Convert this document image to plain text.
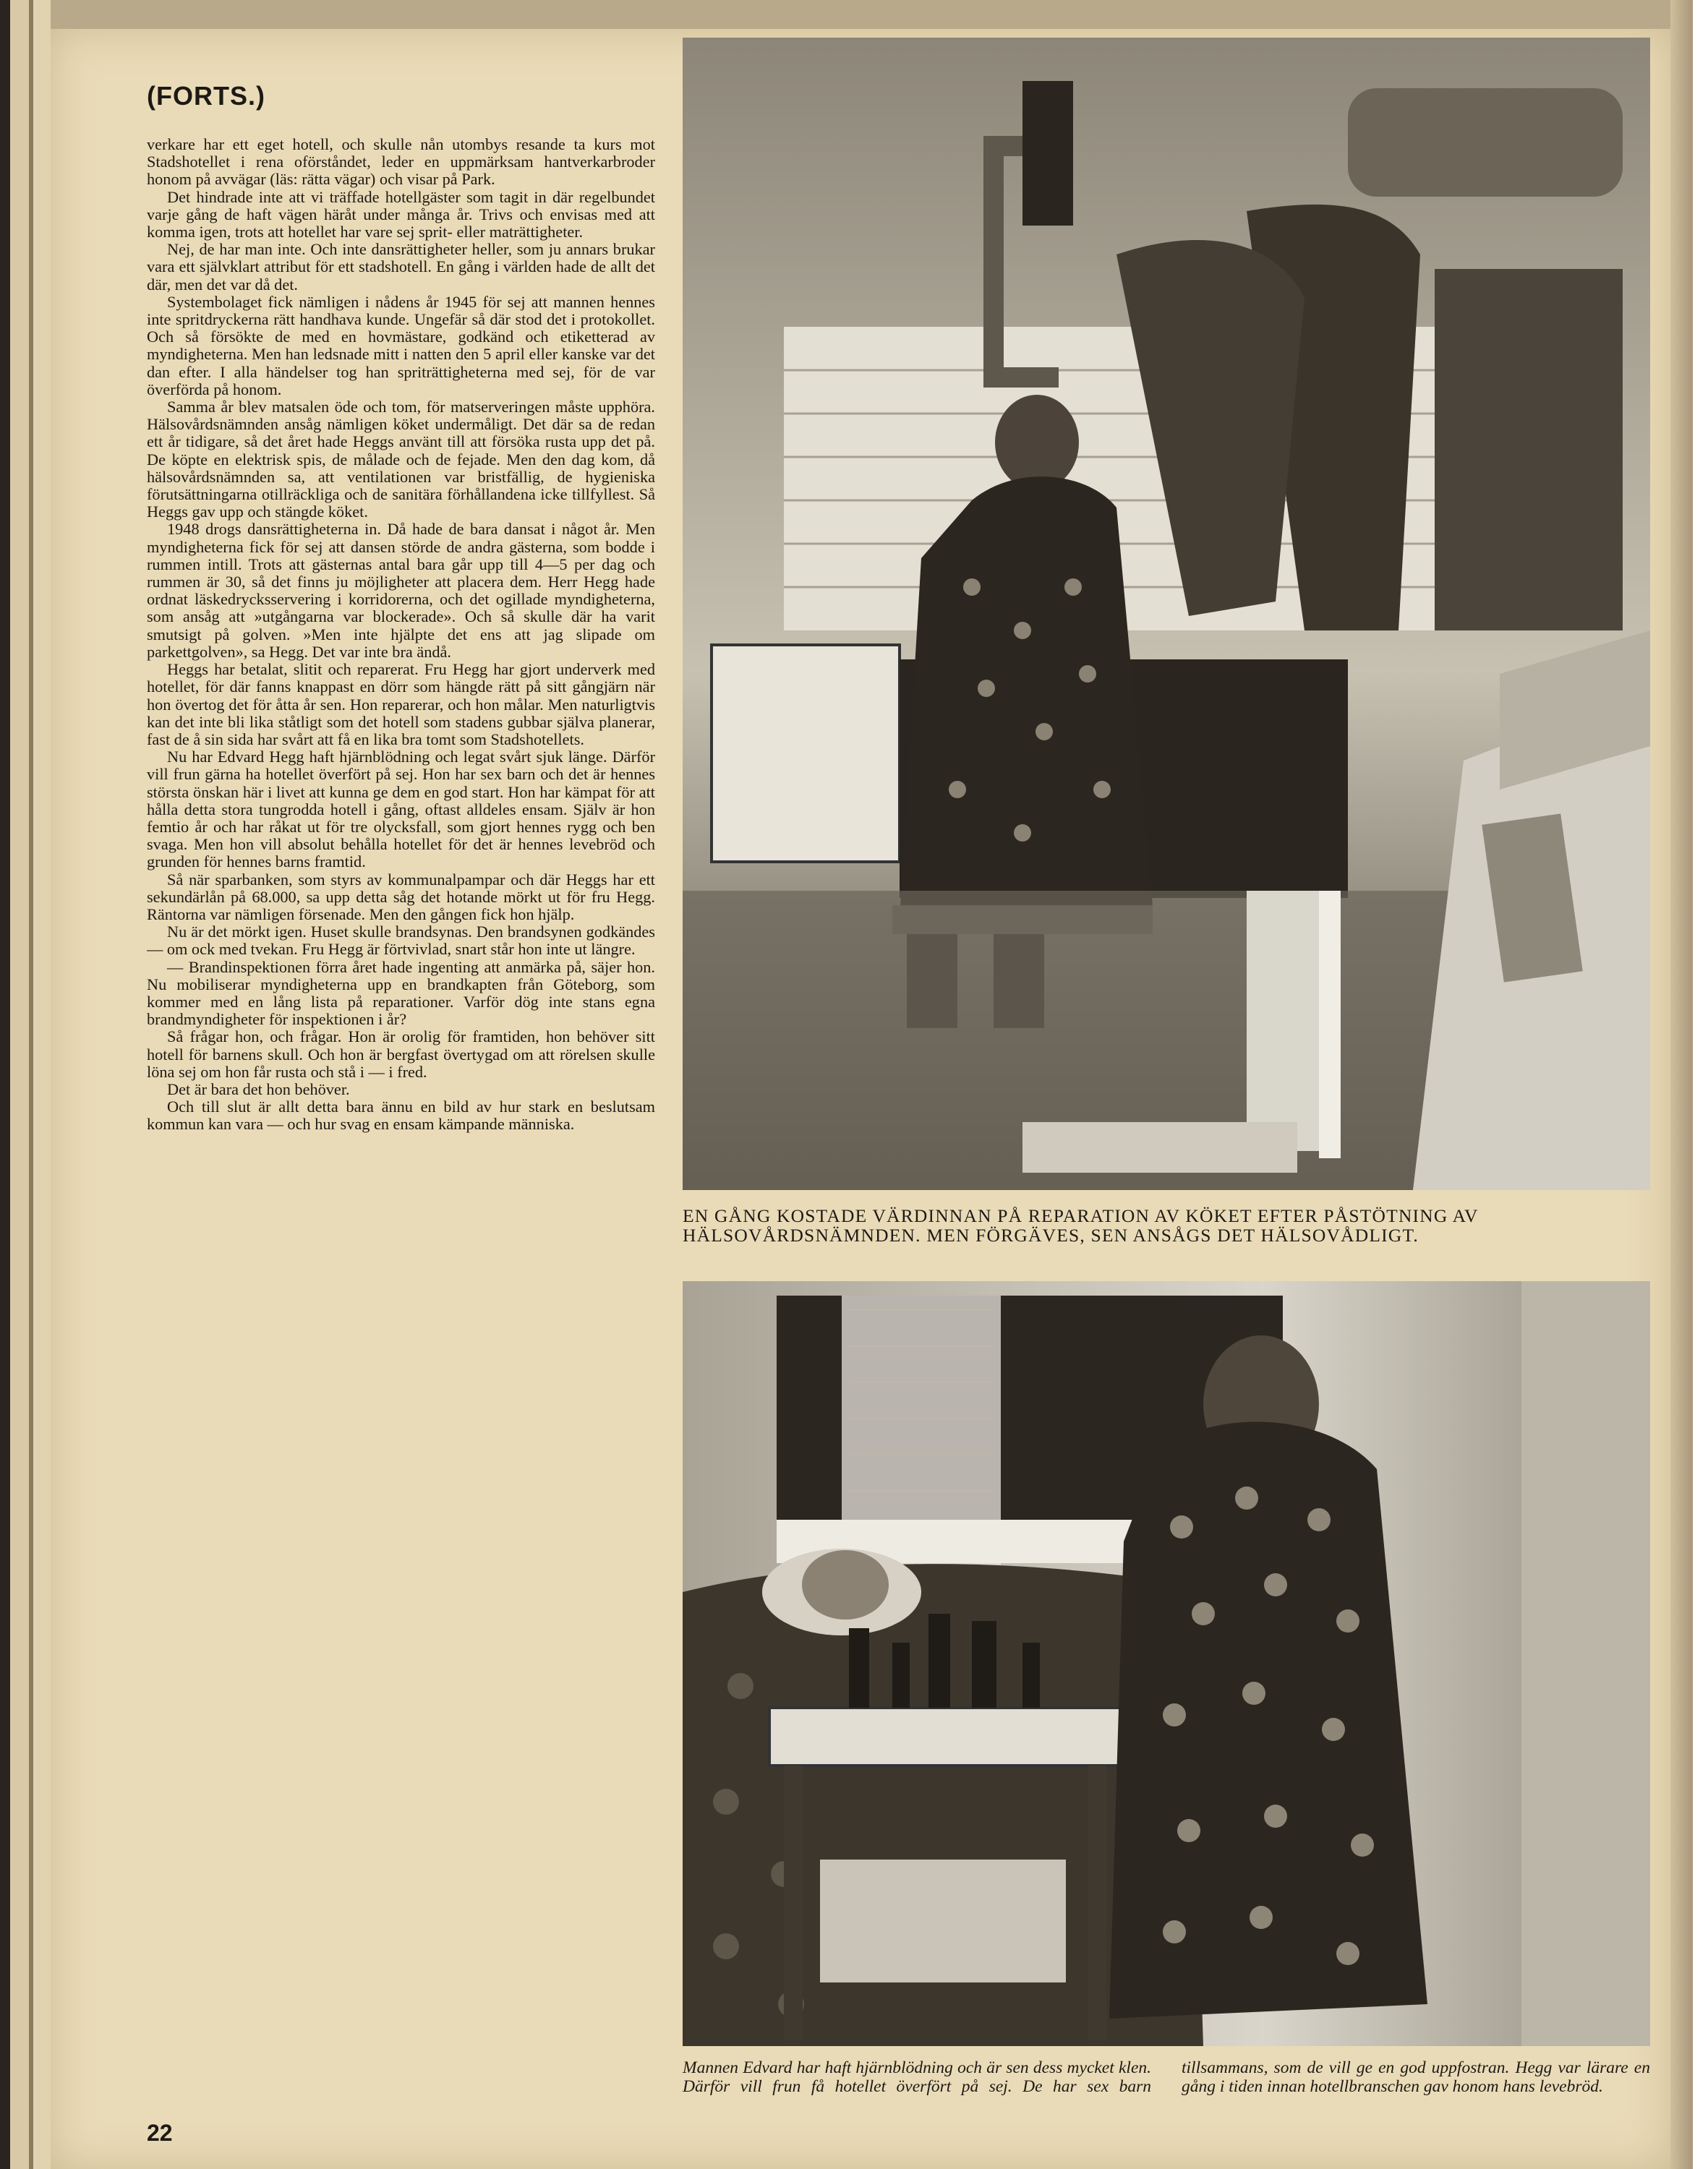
(FORTS.)

verkare har ett eget hotell, och skulle nån utombys resande ta kurs mot Stadshotellet i rena oförståndet, leder en uppmärksam hantverkarbroder honom på avvägar (läs: rätta vägar) och visar på Park.

Det hindrade inte att vi träffade hotellgäster som tagit in där regelbundet varje gång de haft vägen häråt under många år. Trivs och envisas med att komma igen, trots att hotellet har vare sej sprit- eller maträttigheter.

Nej, de har man inte. Och inte dansrättigheter heller, som ju annars brukar vara ett självklart attribut för ett stadshotell. En gång i världen hade de allt det där, men det var då det.

Systembolaget fick nämligen i nådens år 1945 för sej att mannen hennes inte spritdryckerna rätt handhava kunde. Ungefär så där stod det i protokollet. Och så försökte de med en hovmästare, godkänd och etiketterad av myndigheterna. Men han ledsnade mitt i natten den 5 april eller kanske var det dan efter. I alla händelser tog han spriträttigheterna med sej, för de var överförda på honom.

Samma år blev matsalen öde och tom, för matserveringen måste upphöra. Hälsovårdsnämnden ansåg nämligen köket undermåligt. Det där sa de redan ett år tidigare, så det året hade Heggs använt till att försöka rusta upp det på. De köpte en elektrisk spis, de målade och de fejade. Men den dag kom, då hälsovårdsnämnden sa, att ventilationen var bristfällig, de hygieniska förutsättningarna otillräckliga och de sanitära förhållandena icke tillfyllest. Så Heggs gav upp och stängde köket.

1948 drogs dansrättigheterna in. Då hade de bara dansat i något år. Men myndigheterna fick för sej att dansen störde de andra gästerna, som bodde i rummen intill. Trots att gästernas antal bara går upp till 4—5 per dag och rummen är 30, så det finns ju möjligheter att placera dem. Herr Hegg hade ordnat läskedrycksservering i korridorerna, och det ogillade myndigheterna, som ansåg att »utgångarna var blockerade». Och så skulle där ha varit smutsigt på golven. »Men inte hjälpte det ens att jag slipade om parkettgolven», sa Hegg. Det var inte bra ändå.

Heggs har betalat, slitit och reparerat. Fru Hegg har gjort underverk med hotellet, för där fanns knappast en dörr som hängde rätt på sitt gångjärn när hon övertog det för åtta år sen. Hon reparerar, och hon målar. Men naturligtvis kan det inte bli lika ståtligt som det hotell som stadens gubbar själva planerar, fast de å sin sida har svårt att få en lika bra tomt som Stadshotellets.

Nu har Edvard Hegg haft hjärnblödning och legat svårt sjuk länge. Därför vill frun gärna ha hotellet överfört på sej. Hon har sex barn och det är hennes största önskan här i livet att kunna ge dem en god start. Hon har kämpat för att hålla detta stora tungrodda hotell i gång, oftast alldeles ensam. Själv är hon femtio år och har råkat ut för tre olycksfall, som gjort hennes rygg och ben svaga. Men hon vill absolut behålla hotellet för det är hennes levebröd och grunden för hennes barns framtid.

Så när sparbanken, som styrs av kommunalpampar och där Heggs har ett sekundärlån på 68.000, sa upp detta såg det hotande mörkt ut för fru Hegg. Räntorna var nämligen försenade. Men den gången fick hon hjälp.

Nu är det mörkt igen. Huset skulle brandsynas. Den brandsynen godkändes — om ock med tvekan. Fru Hegg är förtvivlad, snart står hon inte ut längre.

— Brandinspektionen förra året hade ingenting att anmärka på, säjer hon. Nu mobiliserar myndigheterna upp en brandkapten från Göteborg, som kommer med en lång lista på reparationer. Varför dög inte stans egna brandmyndigheter för inspektionen i år?

Så frågar hon, och frågar. Hon är orolig för framtiden, hon behöver sitt hotell för barnens skull. Och hon är bergfast övertygad om att rörelsen skulle löna sej om hon får rusta och stå i — i fred.

Det är bara det hon behöver.

Och till slut är allt detta bara ännu en bild av hur stark en beslutsam kommun kan vara — och hur svag en ensam kämpande människa.

EN GÅNG KOSTADE VÄRDINNAN PÅ REPARATION AV KÖKET EFTER PÅSTÖTNING AV HÄLSOVÅRDSNÄMNDEN. MEN FÖRGÄVES, SEN ANSÅGS DET HÄLSOVÅDLIGT.
Mannen Edvard har haft hjärnblödning och är sen dess mycket klen. Därför vill frun få hotellet överfört på sej. De har sex barn tillsammans, som de vill ge en god uppfostran. Hegg var lärare en gång i tiden innan hotellbranschen gav honom hans levebröd.
22
